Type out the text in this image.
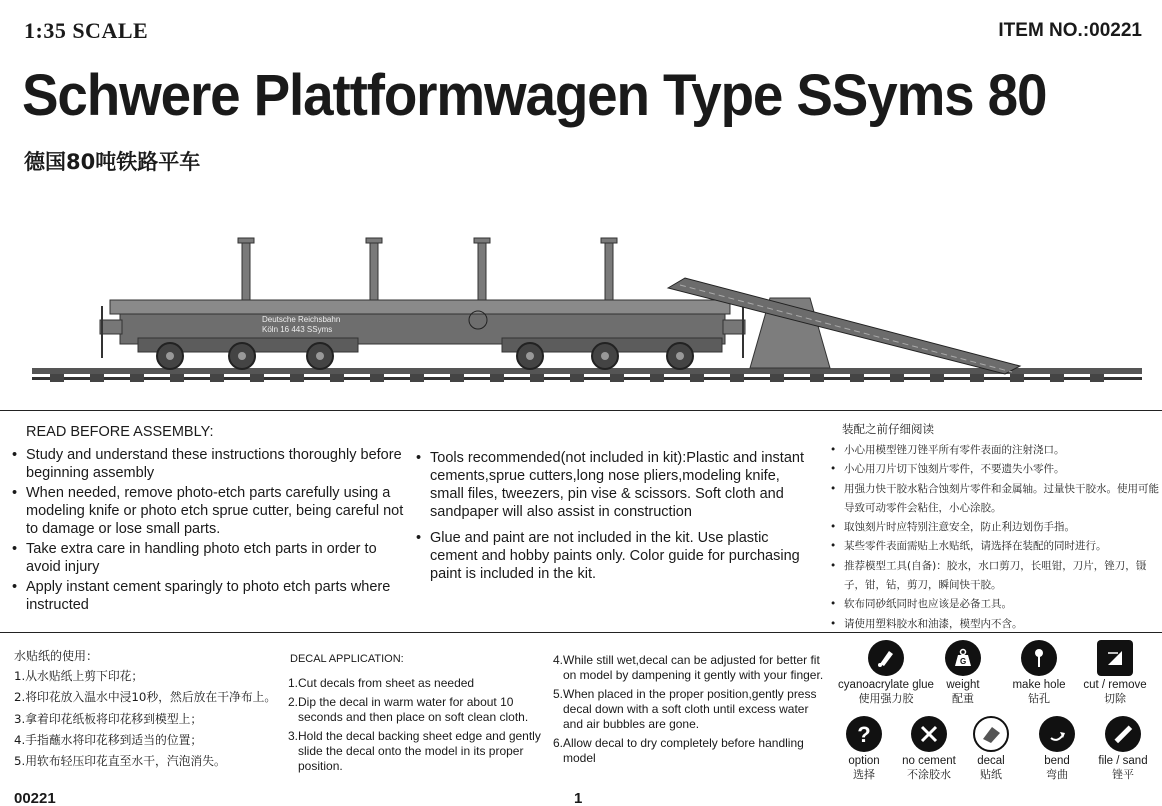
1:35 SCALE	ITEM NO.:00221
Schwere Plattformwagen Type SSyms 80
德国80吨铁路平车
Deutsche Reichsbahn
Köln 16 443 SSyms
READ BEFORE ASSEMBLY:
• Study and understand these instructions thoroughly before beginning assembly
• When needed, remove photo-etch parts carefully using a modeling knife or photo etch sprue cutter, being careful not to damage or lose small parts.
• Take extra care in handling photo etch parts in order to avoid injury
• Apply instant cement sparingly to photo etch parts where instructed
• Tools recommended(not included in kit):Plastic and instant cements,sprue cutters,long nose pliers,modeling knife, small files, tweezers, pin vise & scissors. Soft cloth and sandpaper will also assist in construction
• Glue and paint are not included in the kit. Use plastic cement and hobby paints only. Color guide for purchasing paint is included in the kit.
装配之前仔细阅读
• 小心用模型锉刀锉平所有零件表面的注射浇口。
• 小心用刀片切下蚀刻片零件，不要遗失小零件。
• 用强力快干胶水粘合蚀刻片零件和金属轴。过量快干胶水。使用可能导致可动零件会粘住，小心涂胶。
• 取蚀刻片时应特别注意安全，防止利边划伤手指。
• 某些零件表面需贴上水贴纸，请选择在装配的同时进行。
• 推荐模型工具(自备)：胶水，水口剪刀，长咀钳，刀片，锉刀，镊子，钳，钻，剪刀，瞬间快干胶。
• 软布同砂纸同时也应该是必备工具。
• 请使用塑料胶水和油漆，模型内不含。
水贴纸的使用：
1.从水贴纸上剪下印花；
2.将印花放入温水中浸10秒，然后放在干净布上。
3.拿着印花纸板将印花移到模型上；
4.手指蘸水将印花移到适当的位置；
5.用软布轻压印花直至水干，汽泡消失。
DECAL APPLICATION:
1. Cut decals from sheet as needed
2. Dip the decal in warm water for about 10 seconds and then place on soft clean cloth.
3. Hold the decal backing sheet edge and gently slide the decal onto the model in its proper position.
4. While still wet,decal can be adjusted for better fit on model by dampening it gently with your finger.
5. When placed in the proper position,gently press decal down with a soft cloth until excess water and air bubbles are gone.
6. Allow decal to dry completely before handling model
cyanoacrylate glue
使用强力胶
G
weight
配重
make hole
钻孔
cut / remove
切除
?
option
选择
no cement
不涂胶水
decal
贴纸
bend
弯曲
file / sand
锉平
00221	1
